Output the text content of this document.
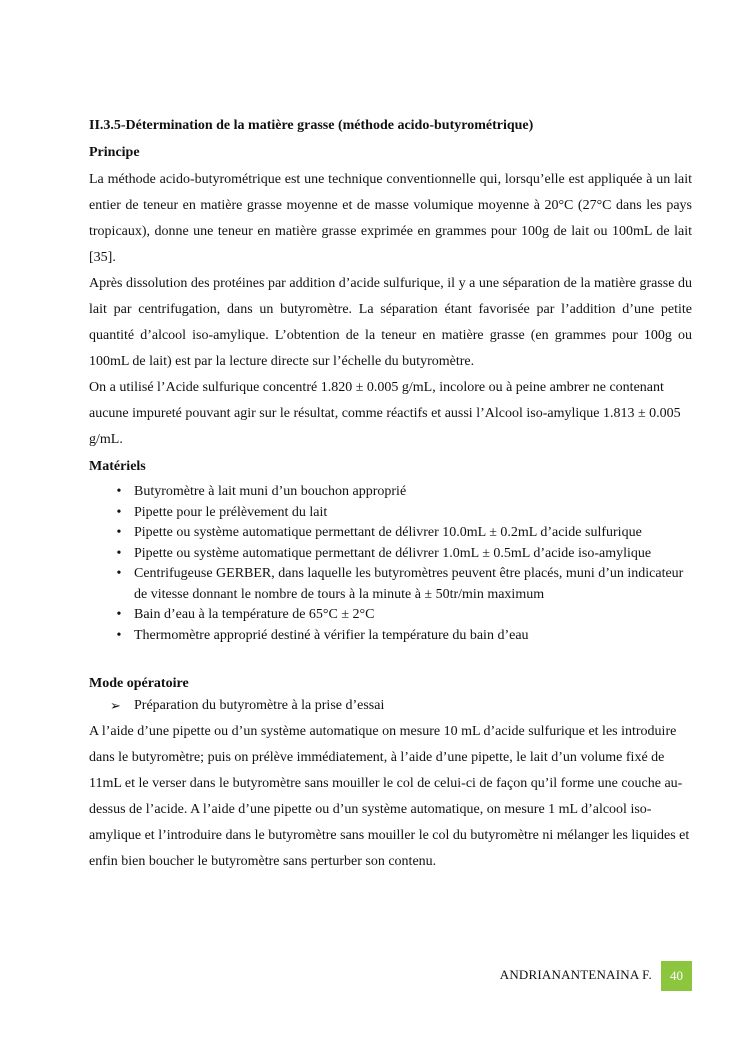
II.3.5-Détermination de la matière grasse (méthode acido-butyrométrique)

Principe

La méthode acido-butyrométrique est une technique conventionnelle qui, lorsqu’elle est appliquée à un lait entier de teneur en matière grasse moyenne et de masse volumique moyenne à 20°C (27°C dans les pays tropicaux), donne une teneur en matière grasse exprimée en grammes pour 100g de lait ou 100mL de lait [35].

Après dissolution des protéines par addition d’acide sulfurique, il y a une séparation de la matière grasse du lait par centrifugation, dans un butyromètre. La séparation étant favorisée par l’addition d’une petite quantité d’alcool iso-amylique. L’obtention de la teneur en matière grasse (en grammes pour 100g ou 100mL de lait) est par la lecture directe sur l’échelle du butyromètre.

On a utilisé l’Acide sulfurique concentré 1.820 ± 0.005 g/mL, incolore ou à peine ambrer ne contenant aucune impureté pouvant agir sur le résultat, comme réactifs et aussi l’Alcool iso-amylique 1.813 ± 0.005 g/mL.

Matériels

• Butyromètre à lait muni d’un bouchon approprié
• Pipette pour le prélèvement du lait
• Pipette ou système automatique permettant de délivrer 10.0mL ± 0.2mL d’acide sulfurique
• Pipette ou système automatique permettant de délivrer 1.0mL ± 0.5mL d’acide iso-amylique
• Centrifugeuse GERBER, dans laquelle les butyromètres peuvent être placés, muni d’un indicateur de vitesse donnant le nombre de tours à la minute à ± 50tr/min maximum
• Bain d’eau à la température de 65°C ± 2°C
• Thermomètre approprié destiné à vérifier la température du bain d’eau

Mode opératoire

➢ Préparation du butyromètre à la prise d’essai

A l’aide d’une pipette ou d’un système automatique on mesure 10 mL d’acide sulfurique et les introduire dans le butyromètre; puis on prélève immédiatement, à l’aide d’une pipette, le lait d’un volume fixé de 11mL et le verser dans le butyromètre sans mouiller le col de celui-ci de façon qu’il forme une couche au-dessus de l’acide. A l’aide d’une pipette ou d’un système automatique, on mesure 1 mL d’alcool iso-amylique et l’introduire dans le butyromètre sans mouiller le col du butyromètre ni mélanger les liquides et enfin bien boucher le butyromètre sans perturber son contenu.

ANDRIANANTENAINA F.	40
